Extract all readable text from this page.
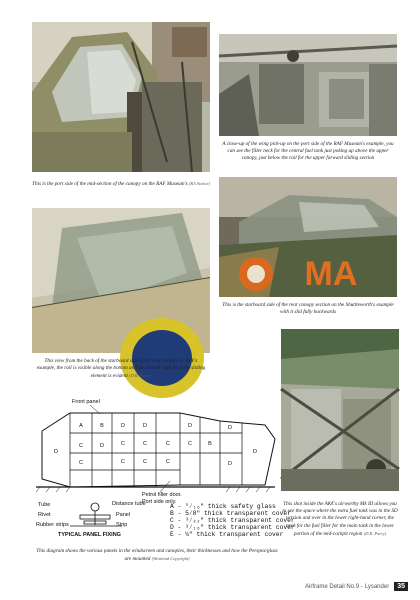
This is the port side of the mid-section of the canopy on the RAF Museum's (RA Stokoe)
A close-up of the wing pick-up on the port side of the RAF Museum's example, you can see the filler neck for the central fuel tank just poking up above the upper canopy, just below the rail for the upper forward sliding section
This view from the back of the starboard side of the rear canopy on AK€'s example, the rail is visible along the bottom and the overall tight fit of the sliding element is evident (D.R. Parry)
MA
This is the starboard side of the rear canopy section on the Shuttleworth's example with it slid fully backwards
This shot inside the AK€'s airworthy Mk III allows you to see the space where the extra fuel tank was in the SD version and over in the lower right-hand corner, the neck for the fuel filler for the main tank in the lower portion of the mid-cockpit region (D.R. Parry)
D
A	B
C	D
D	D	D	D
C
C	C	C	C	B
D
C	C	C	D
Front panel
Petrol filler door.
Port side only.
Tube
Rivet
Rubber strips
Distance tube
Panel
Strip
TYPICAL PANEL FIXING
A - ⁵⁄₁₆" thick safety glass
B - 5⁄8" thick transparent cover
C - ³⁄₃₂" thick transparent cover
D - ³⁄₁₆" thick transparent cover
E - ¼" thick transparent cover
This diagram shows the various panels in the windscreen and canopies, their thicknesses and how the Perspex/glass are mounted (Westland Copyright)
Airframe Detail No.9 - Lysander	35
